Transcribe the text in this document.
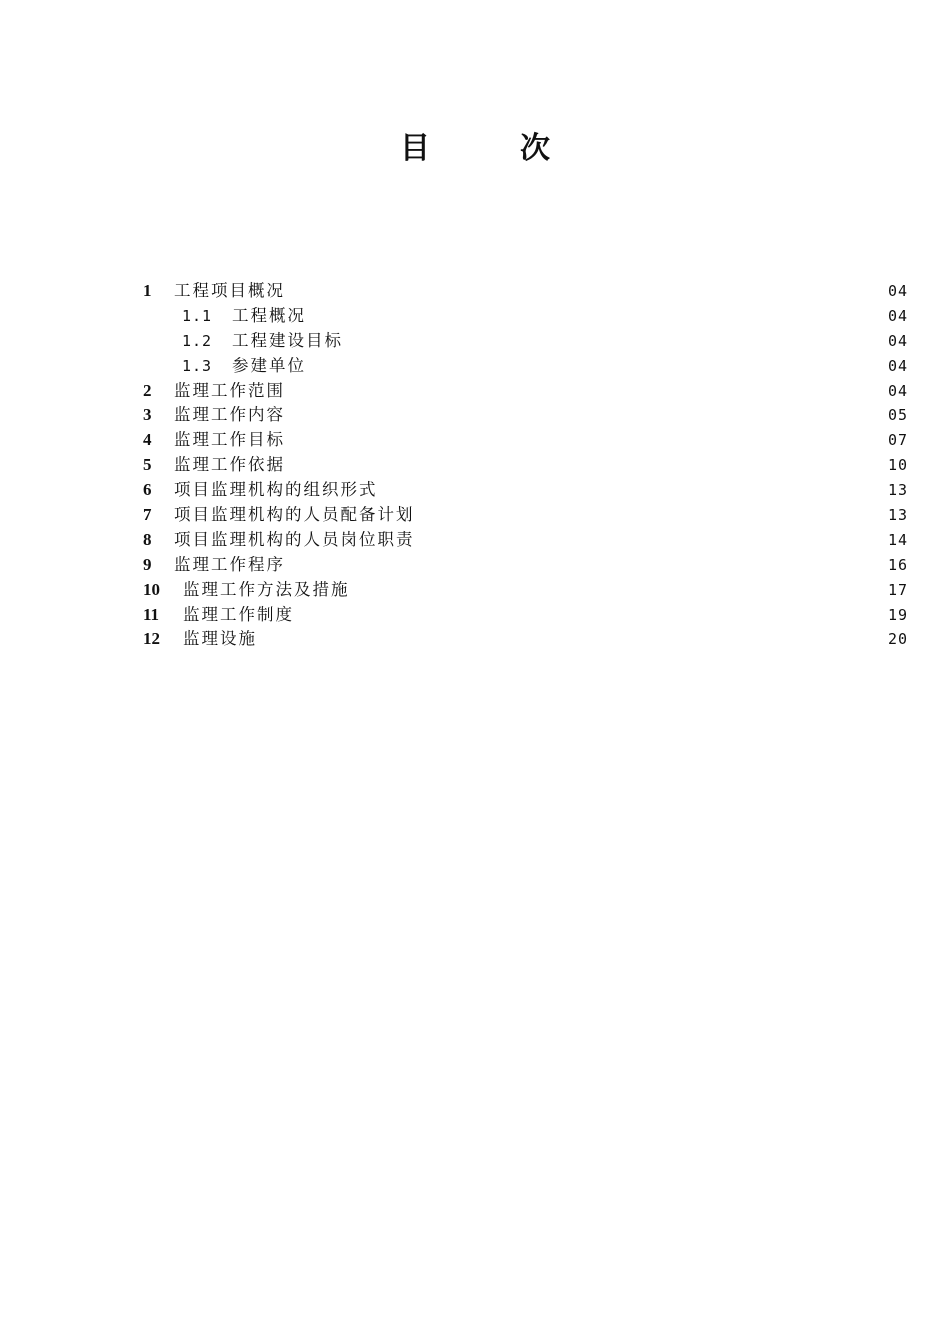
目　　　次
1 工程项目概况	04
1.1 工程概况	04
1.2 工程建设目标	04
1.3 参建单位	04
2 监理工作范围	04
3 监理工作内容	05
4 监理工作目标	07
5 监理工作依据	10
6 项目监理机构的组织形式	13
7 项目监理机构的人员配备计划	13
8 项目监理机构的人员岗位职责	14
9 监理工作程序	16
10 监理工作方法及措施	17
11 监理工作制度	19
12 监理设施	20
